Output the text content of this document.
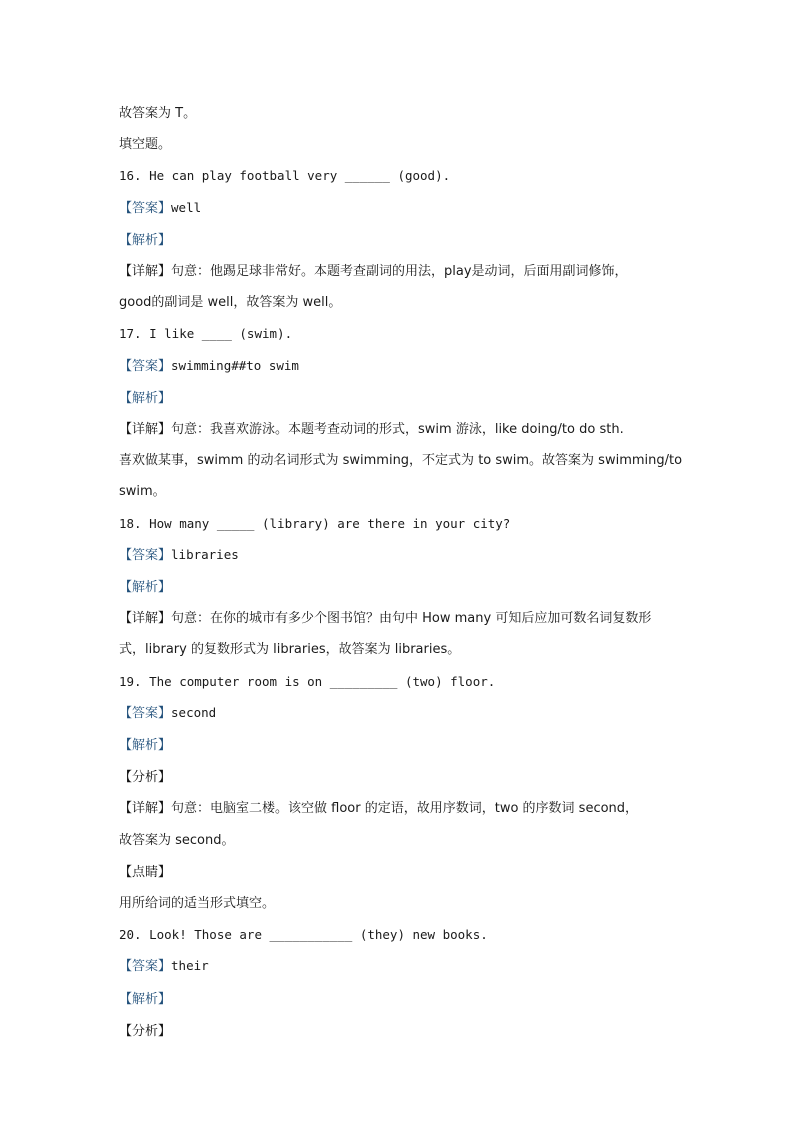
故答案为 T。
填空题。
16. He can play football very ______ (good).
【答案】well
【解析】
【详解】句意：他踢足球非常好。本题考查副词的用法，play是动词，后面用副词修饰，
good的副词是 well，故答案为 well。
17. I like ____ (swim).
【答案】swimming##to swim
【解析】
【详解】句意：我喜欢游泳。本题考查动词的形式，swim 游泳，like doing/to do sth.
喜欢做某事，swimm 的动名词形式为 swimming，不定式为 to swim。故答案为 swimming/to
swim。
18. How many _____ (library) are there in your city?
【答案】libraries
【解析】
【详解】句意：在你的城市有多少个图书馆？由句中 How many 可知后应加可数名词复数形
式，library 的复数形式为 libraries，故答案为 libraries。
19. The computer room is on _________ (two) floor.
【答案】second
【解析】
【分析】
【详解】句意：电脑室二楼。该空做 floor 的定语，故用序数词，two 的序数词 second，
故答案为 second。
【点睛】
用所给词的适当形式填空。
20. Look! Those are ___________ (they) new books.
【答案】their
【解析】
【分析】
